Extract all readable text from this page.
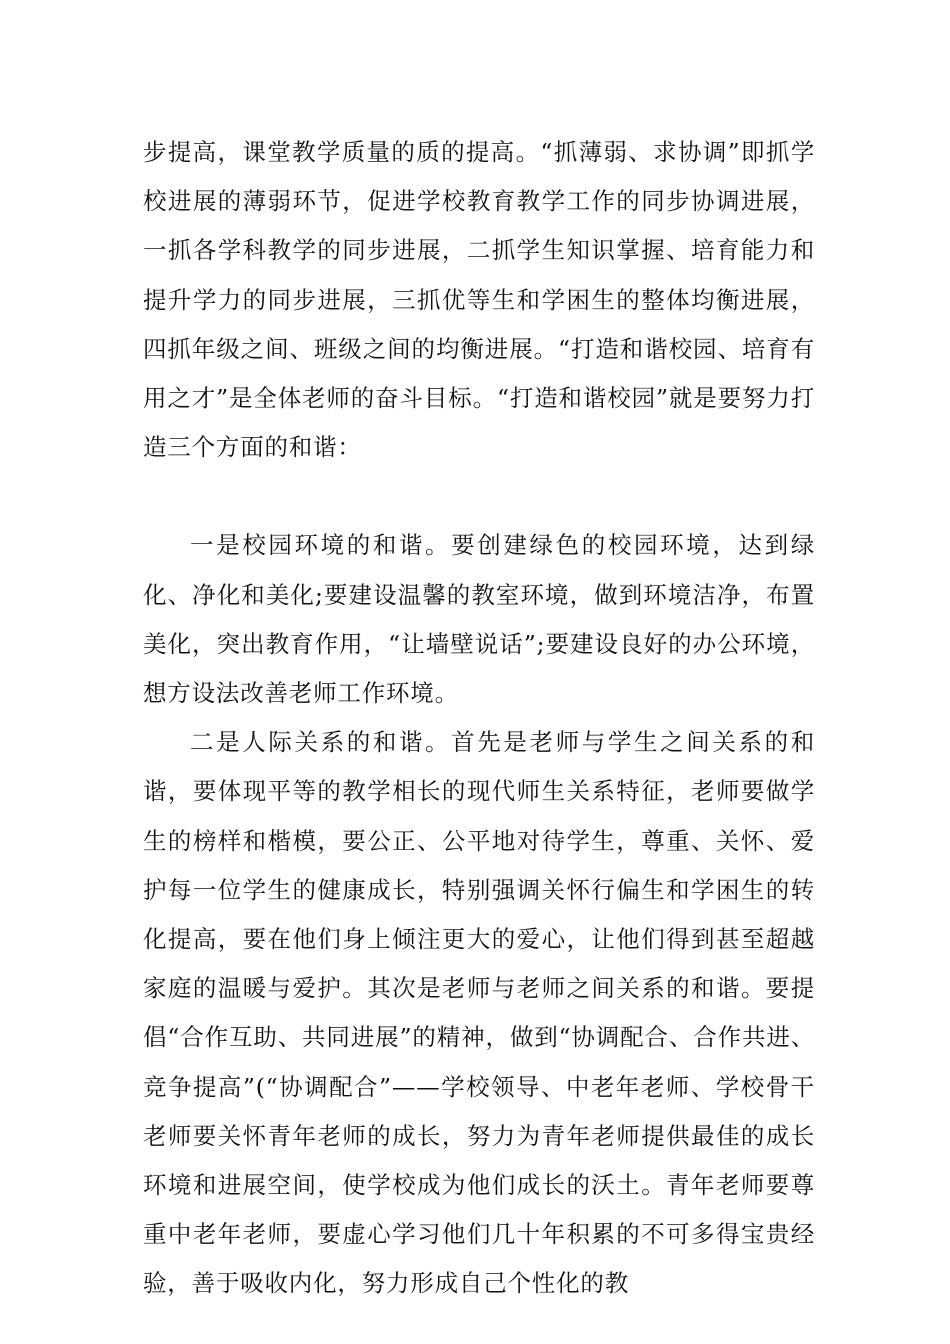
步提高，课堂教学质量的质的提高。“抓薄弱、求协调”即抓学校进展的薄弱环节，促进学校教育教学工作的同步协调进展，一抓各学科教学的同步进展，二抓学生知识掌握、培育能力和提升学力的同步进展，三抓优等生和学困生的整体均衡进展，四抓年级之间、班级之间的均衡进展。“打造和谐校园、培育有用之才”是全体老师的奋斗目标。“打造和谐校园”就是要努力打造三个方面的和谐：

一是校园环境的和谐。要创建绿色的校园环境，达到绿化、净化和美化;要建设温馨的教室环境，做到环境洁净，布置美化，突出教育作用，“让墙壁说话”;要建设良好的办公环境，想方设法改善老师工作环境。

二是人际关系的和谐。首先是老师与学生之间关系的和谐，要体现平等的教学相长的现代师生关系特征，老师要做学生的榜样和楷模，要公正、公平地对待学生，尊重、关怀、爱护每一位学生的健康成长，特别强调关怀行偏生和学困生的转化提高，要在他们身上倾注更大的爱心，让他们得到甚至超越家庭的温暖与爱护。其次是老师与老师之间关系的和谐。要提倡“合作互助、共同进展”的精神，做到“协调配合、合作共进、竞争提高”(“协调配合”——学校领导、中老年老师、学校骨干老师要关怀青年老师的成长，努力为青年老师提供最佳的成长环境和进展空间，使学校成为他们成长的沃土。青年老师要尊重中老年老师，要虚心学习他们几十年积累的不可多得宝贵经验，善于吸收内化，努力形成自己个性化的教
